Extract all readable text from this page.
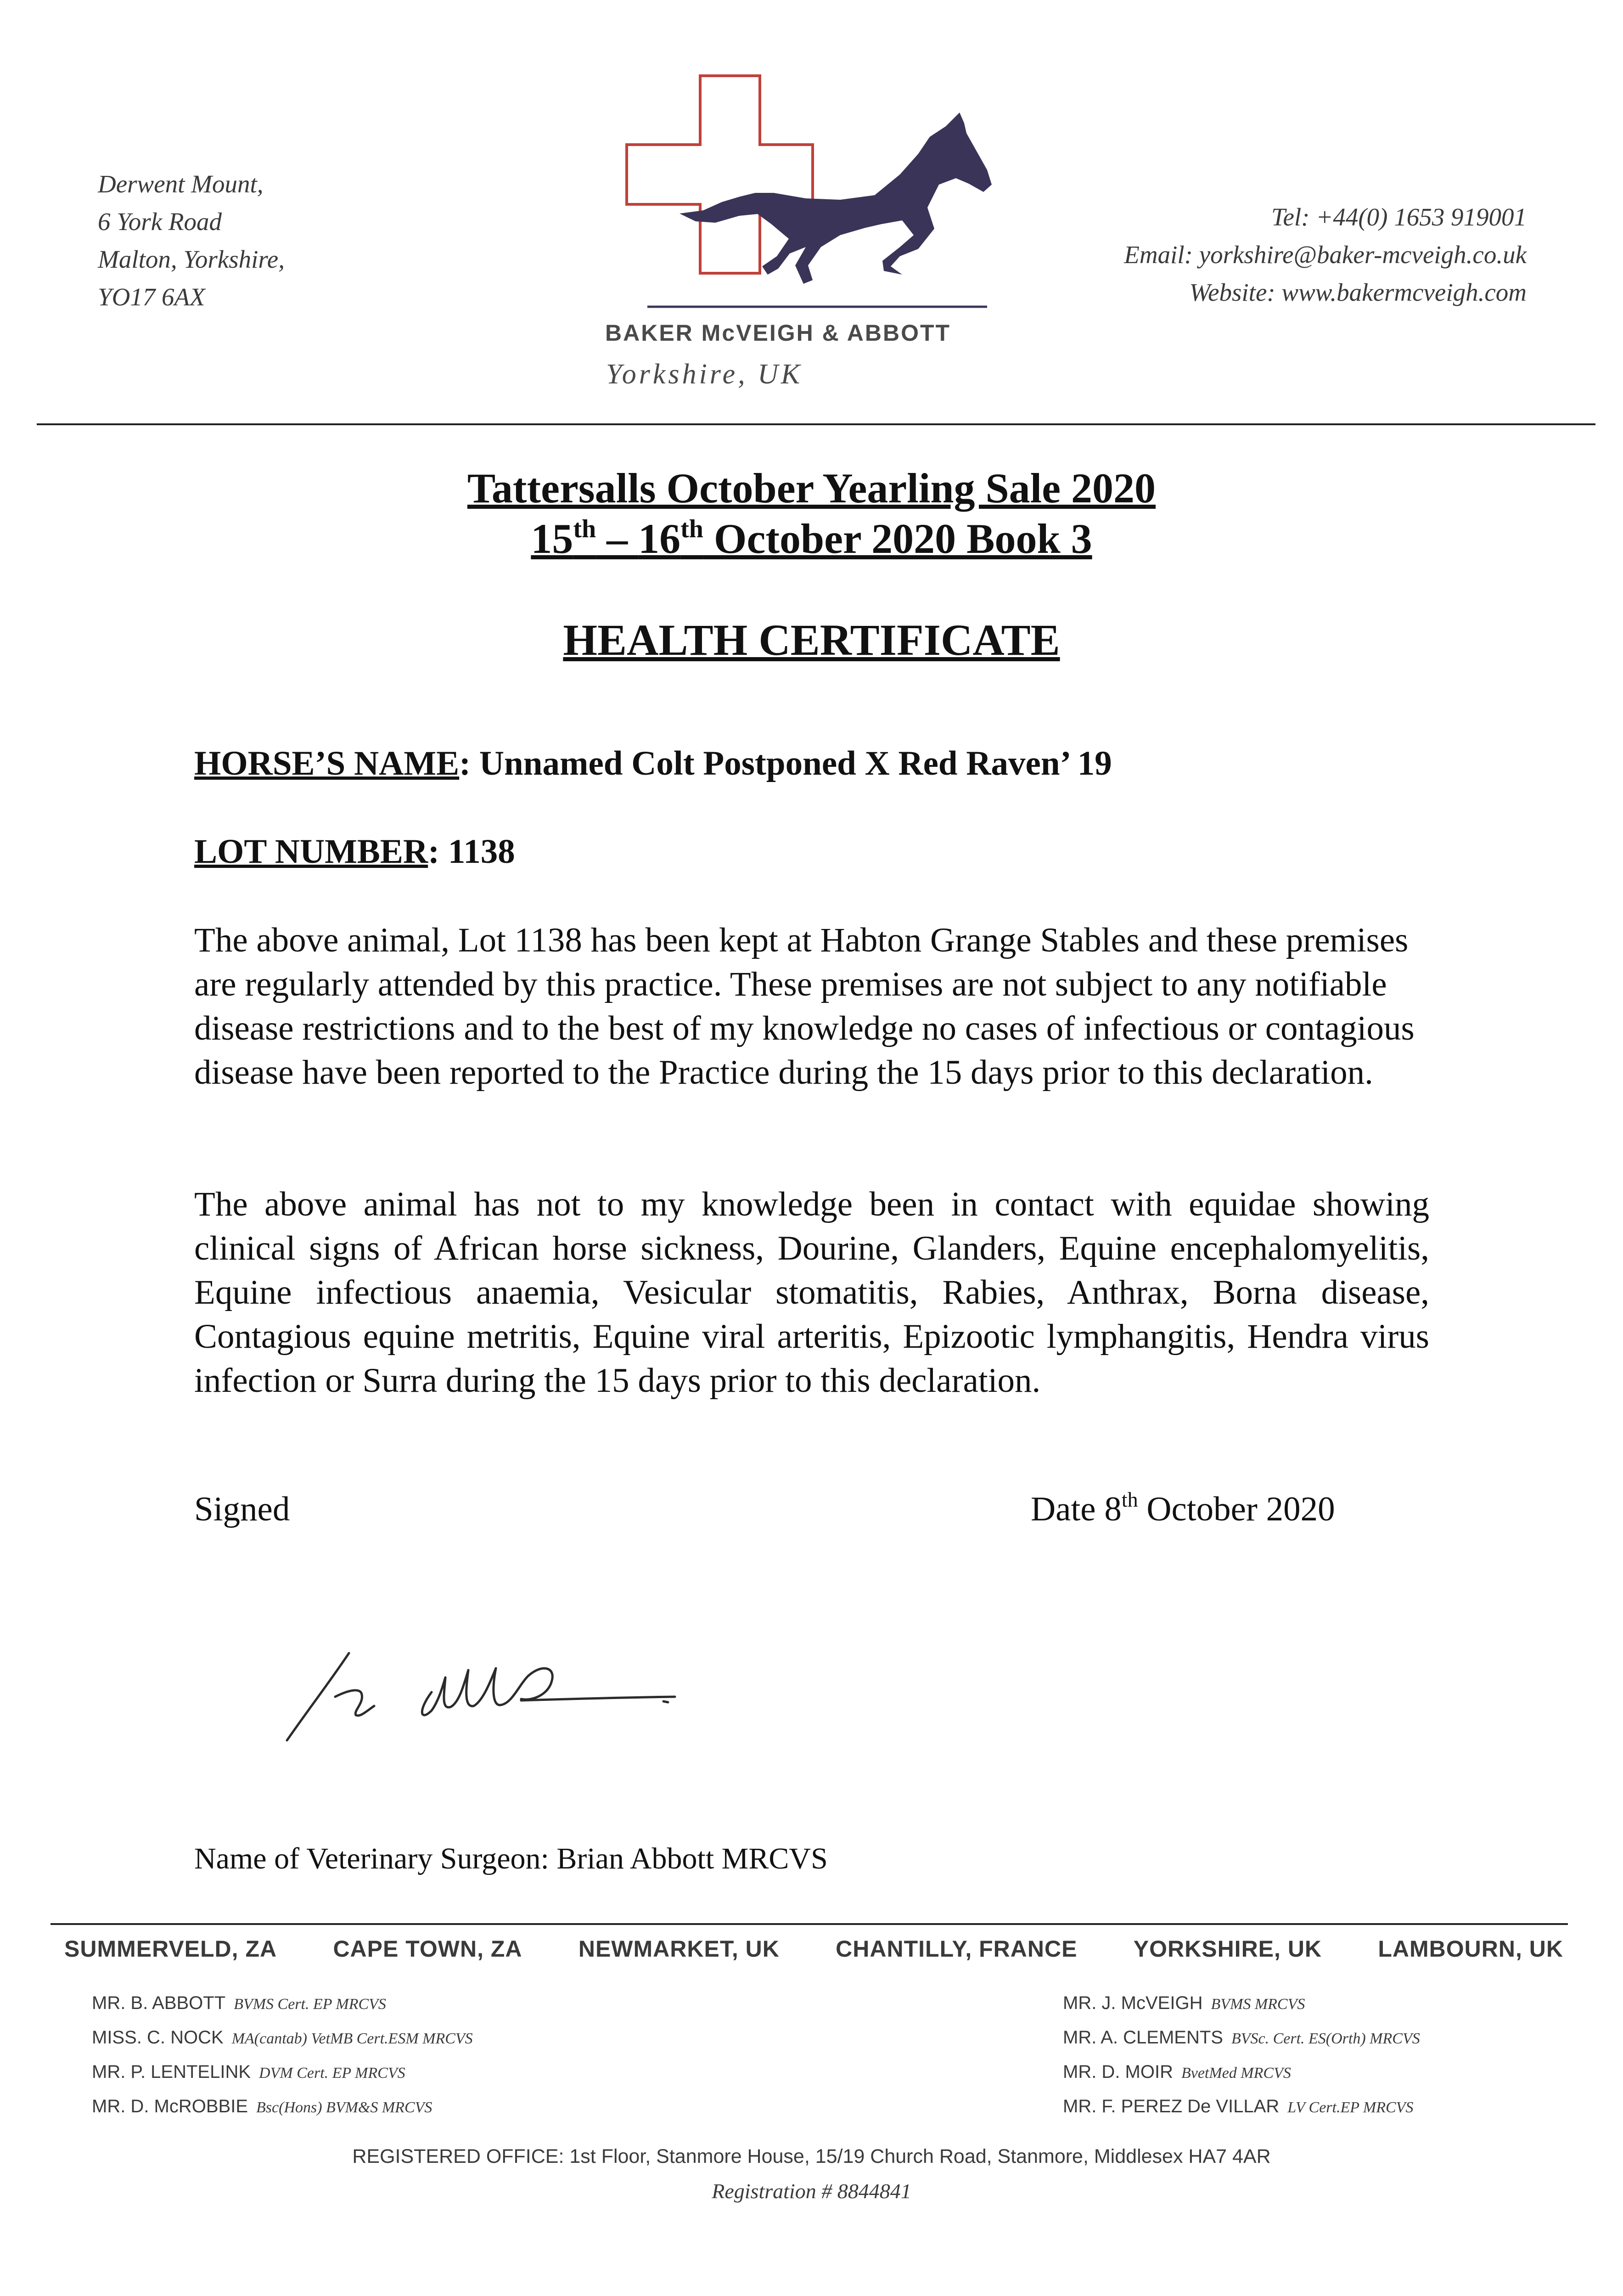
Derwent Mount,
6 York Road
Malton, Yorkshire,
YO17 6AX
BAKER McVEIGH & ABBOTT
Yorkshire, UK
Tel: +44(0) 1653 919001
Email: yorkshire@baker-mcveigh.co.uk
Website: www.bakermcveigh.com
Tattersalls October Yearling Sale 2020
15th – 16th October 2020 Book 3
HEALTH CERTIFICATE
HORSE’S NAME: Unnamed Colt Postponed X Red Raven’ 19
LOT NUMBER: 1138
The above animal, Lot 1138 has been kept at Habton Grange Stables and these premises are regularly attended by this practice. These premises are not subject to any notifiable disease restrictions and to the best of my knowledge no cases of infectious or contagious disease have been reported to the Practice during the 15 days prior to this declaration.
The above animal has not to my knowledge been in contact with equidae showing clinical signs of African horse sickness, Dourine, Glanders, Equine encephalomyelitis, Equine infectious anaemia, Vesicular stomatitis, Rabies, Anthrax, Borna disease, Contagious equine metritis, Equine viral arteritis, Epizootic lymphangitis, Hendra virus infection or Surra during the 15 days prior to this declaration.
Signed	Date 8th October 2020
Name of Veterinary Surgeon: Brian Abbott MRCVS
SUMMERVELD, ZA CAPE TOWN, ZA NEWMARKET, UK CHANTILLY, FRANCE YORKSHIRE, UK LAMBOURN, UK
MR. B. ABBOTT BVMS Cert. EP MRCVS
MISS. C. NOCK MA(cantab) VetMB Cert.ESM MRCVS
MR. P. LENTELINK DVM Cert. EP MRCVS
MR. D. McROBBIE Bsc(Hons) BVM&S MRCVS
MR. J. McVEIGH BVMS MRCVS
MR. A. CLEMENTS BVSc. Cert. ES(Orth) MRCVS
MR. D. MOIR BvetMed MRCVS
MR. F. PEREZ De VILLAR LV Cert.EP MRCVS
REGISTERED OFFICE: 1st Floor, Stanmore House, 15/19 Church Road, Stanmore, Middlesex HA7 4AR
Registration # 8844841
